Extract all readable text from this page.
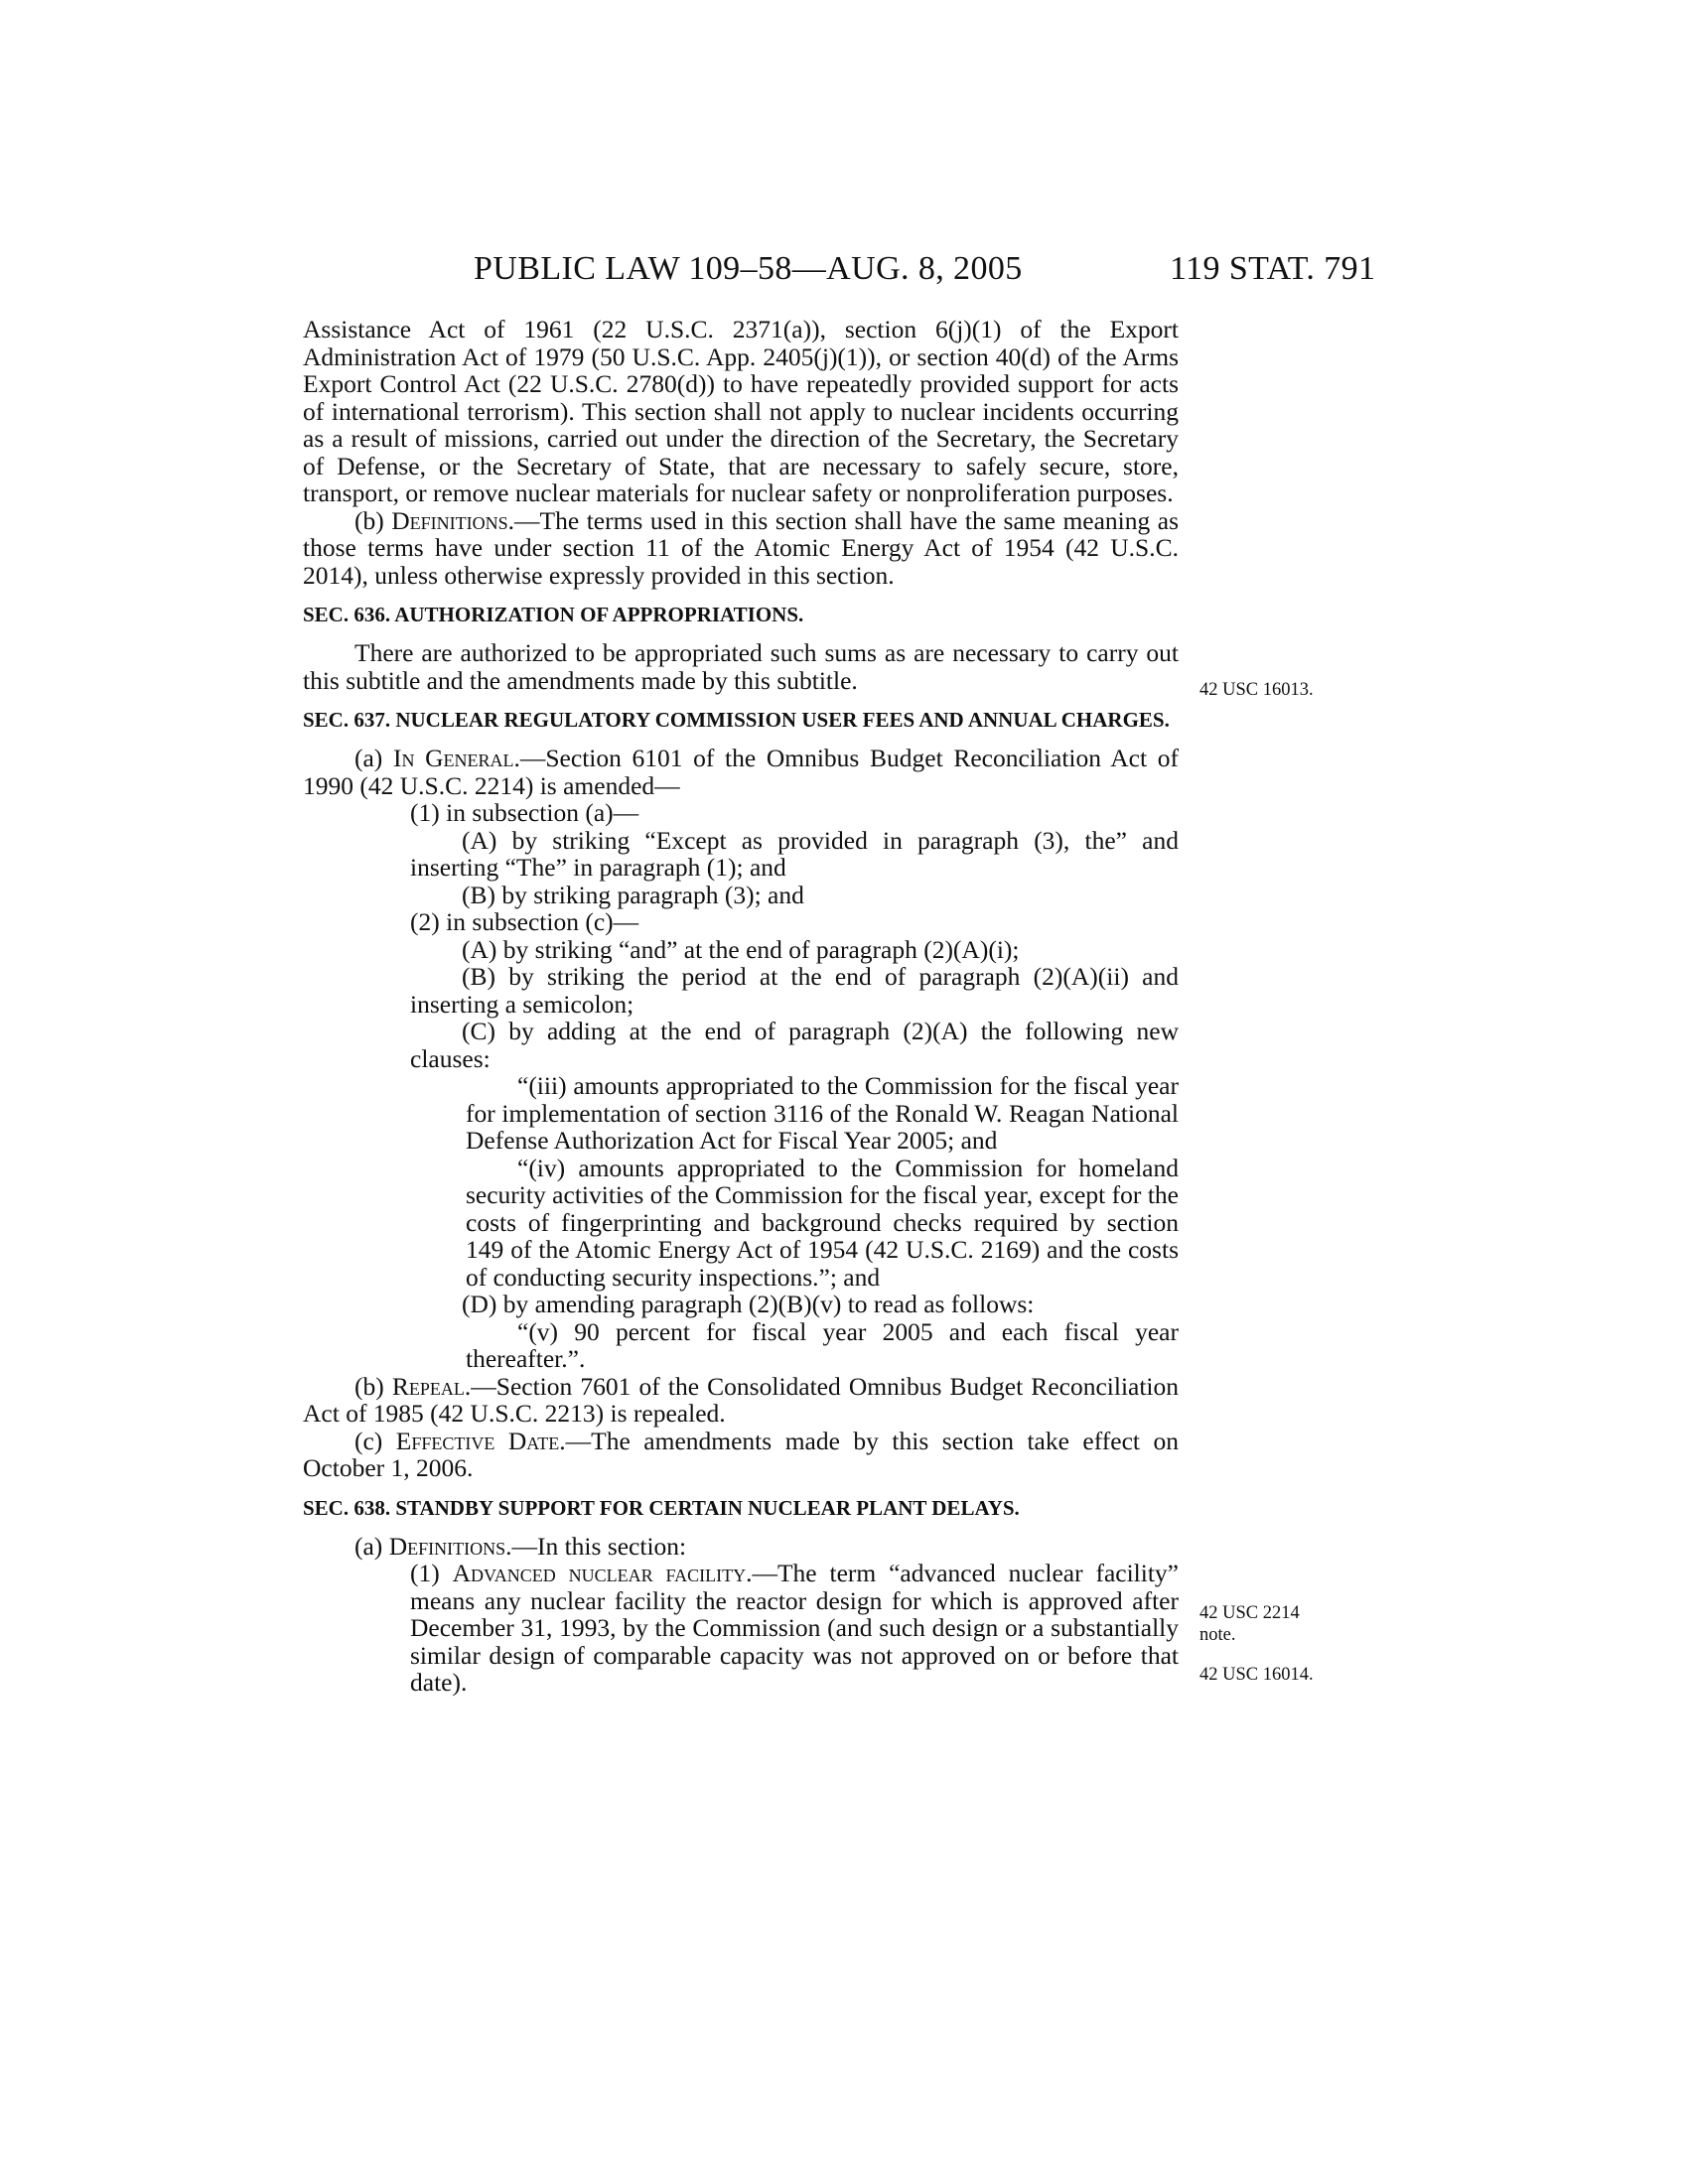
PUBLIC LAW 109–58—AUG. 8, 2005	119 STAT. 791
42 USC 16013.
42 USC 2214
note.
42 USC 16014.

Assistance Act of 1961 (22 U.S.C. 2371(a)), section 6(j)(1) of the Export Administration Act of 1979 (50 U.S.C. App. 2405(j)(1)), or section 40(d) of the Arms Export Control Act (22 U.S.C. 2780(d)) to have repeatedly provided support for acts of international terrorism). This section shall not apply to nuclear incidents occurring as a result of missions, carried out under the direction of the Secretary, the Secretary of Defense, or the Secretary of State, that are necessary to safely secure, store, transport, or remove nuclear materials for nuclear safety or nonproliferation purposes.

(b) Definitions.—The terms used in this section shall have the same meaning as those terms have under section 11 of the Atomic Energy Act of 1954 (42 U.S.C. 2014), unless otherwise expressly provided in this section.

SEC. 636. AUTHORIZATION OF APPROPRIATIONS.

There are authorized to be appropriated such sums as are necessary to carry out this subtitle and the amendments made by this subtitle.

SEC. 637. NUCLEAR REGULATORY COMMISSION USER FEES AND ANNUAL CHARGES.

(a) In General.—Section 6101 of the Omnibus Budget Reconciliation Act of 1990 (42 U.S.C. 2214) is amended—

(1) in subsection (a)—

(A) by striking “Except as provided in paragraph (3), the” and inserting “The” in paragraph (1); and

(B) by striking paragraph (3); and

(2) in subsection (c)—

(A) by striking “and” at the end of paragraph (2)(A)(i);

(B) by striking the period at the end of paragraph (2)(A)(ii) and inserting a semicolon;

(C) by adding at the end of paragraph (2)(A) the following new clauses:

“(iii) amounts appropriated to the Commission for the fiscal year for implementation of section 3116 of the Ronald W. Reagan National Defense Authorization Act for Fiscal Year 2005; and

“(iv) amounts appropriated to the Commission for homeland security activities of the Commission for the fiscal year, except for the costs of fingerprinting and background checks required by section 149 of the Atomic Energy Act of 1954 (42 U.S.C. 2169) and the costs of conducting security inspections.”; and

(D) by amending paragraph (2)(B)(v) to read as follows:

“(v) 90 percent for fiscal year 2005 and each fiscal year thereafter.”.

(b) Repeal.—Section 7601 of the Consolidated Omnibus Budget Reconciliation Act of 1985 (42 U.S.C. 2213) is repealed.

(c) Effective Date.—The amendments made by this section take effect on October 1, 2006.

SEC. 638. STANDBY SUPPORT FOR CERTAIN NUCLEAR PLANT DELAYS.

(a) Definitions.—In this section:

(1) Advanced nuclear facility.—The term “advanced nuclear facility” means any nuclear facility the reactor design for which is approved after December 31, 1993, by the Commission (and such design or a substantially similar design of comparable capacity was not approved on or before that date).
